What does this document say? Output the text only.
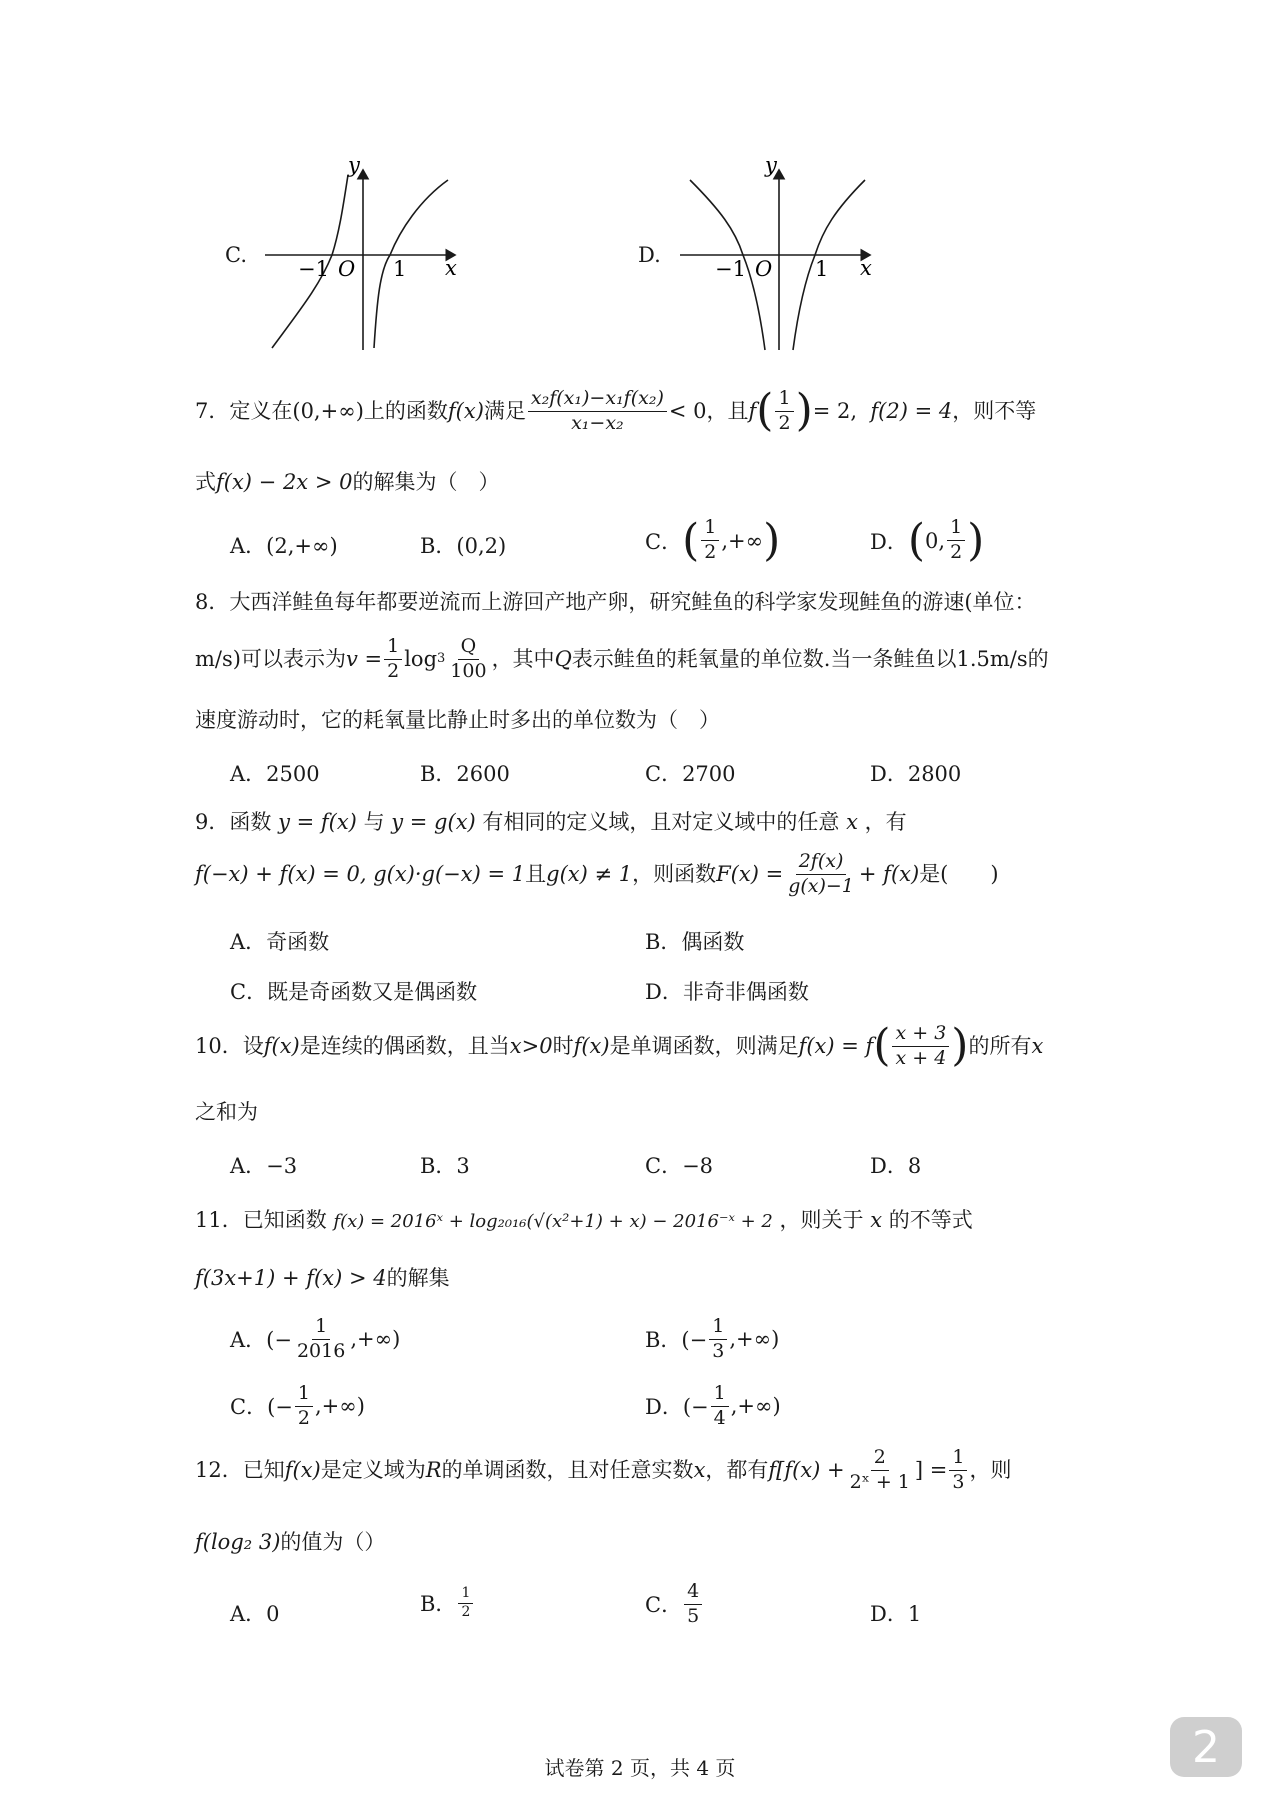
C.
y
x
O
−1	1
D.
y
x
O
−1	1
7． 定义在 (0,+∞) 上的函数 f(x) 满足 $\frac{\text{x₂f(x₁)−x₁f(x₂)}}{\text{x₁−x₂}} < 0$ ，且 f ( $\frac{1}{2}$ ) = 2,
f(2) = 4 ，则不等
式f(x) − 2x > 0的解集为（　）
A．(2,+∞)	B．(0,2)	C． ( $\frac{1}{2}$ ,+∞ )	D． ( 0, $\frac{1}{2}$ )
8．大西洋鲑鱼每年都要逆流而上游回产地产卵，研究鲑鱼的科学家发现鲑鱼的游速(单位：
m/s )可以表示为 $v = \frac{1}{2}$ $\log 3 \frac{Q}{100}$ ，其中 Q 表示鲑鱼的耗氧量的单位数.当一条鲑鱼以1.5m/s的
速度游动时，它的耗氧量比静止时多出的单位数为（　）
A．2500	B．2600	C．2700	D．2800
9．函数 y = f(x) 与 y = g(x) 有相同的定义域，且对定义域中的任意 x ，有
f(−x) + f(x) = 0, g(x)·g(−x) = 1 且 g(x) ≠ 1 ，则函数 $F(x) = \frac{2f(x)}{g(x)-1} + f(x)$ 是(　　)
A．奇函数	B．偶函数
C．既是奇函数又是偶函数	D．非奇非偶函数
10．设 f(x) 是连续的偶函数，且当 x>0 时 f(x) 是单调函数，则满足 f(x) = f ( $\frac{x + 3}{x + 4}$ ) 的所有 x
之和为
A．−3	B．3	C．−8	D．8
11．已知函数 f(x) = 2016ˣ + log₂₀₁₆(√(x²+1) + x) − 2016⁻ˣ + 2 ，则关于 x 的不等式
f(3x+1) + f(x) > 4的解集
A．(− $\frac{1}{2016}$ ,+∞)	B．(− $\frac{1}{3}$ ,+∞)
C．(− $\frac{1}{2}$ ,+∞)	D．(− $\frac{1}{4}$ ,+∞)
12．已知 f(x) 是定义域为 R 的单调函数，且对任意实数 x ，都有 $f[f(x) + \frac{2}{\text{2ˣ + 1}}$ ] = $\frac{1}{3}$ ，则
f(log₂ 3)的值为（）
A．0	B． $\frac{1}{2}$	C． $\frac{4}{5}$	D．1
试卷第 2 页，共 4 页	2
